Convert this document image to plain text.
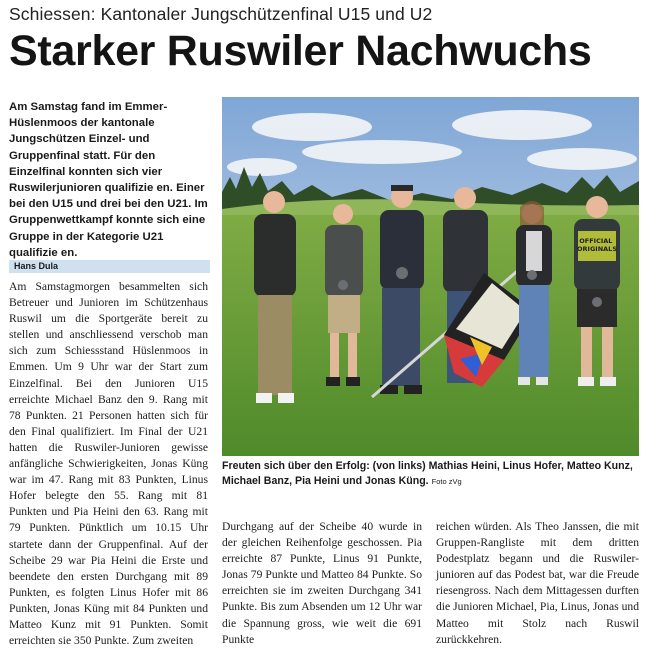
Schiessen: Kantonaler Jungschützenfinal U15 und U2
Starker Ruswiler Nachwuchs

Am Samstag fand im Emmer-Hüslenmoos der kantonale Jungschützen Einzel- und Gruppenfinal statt. Für den Einzelfinal konnten sich vier Ruswilerjunioren qualifizie en. Einer bei den U15 und drei bei den U21. Im Gruppenwettkampf konnte sich eine Gruppe in der Kategorie U21 qualifizie en.

Hans Dula

Am Samstagmorgen besammelten sich Betreuer und Junioren im Schützenhaus Ruswil um die Sportgeräte bereit zu stellen und anschliessend verschob man sich zum Schiessstand Hüslenmoos in Emmen. Um 9 Uhr war der Start zum Einzelfinal. Bei den Junioren U15 erreichte Michael Banz den 9. Rang mit 78 Punkten. 21 Personen hatten sich für den Final qualifiziert. Im Final der U21 hatten die Ruswiler-Junioren gewisse anfängliche Schwierigkeiten, Jonas Küng war im 47. Rang mit 83 Punkten, Linus Hofer belegte den 55. Rang mit 81 Punkten und Pia Heini den 63. Rang mit 79 Punkten. Pünktlich um 10.15 Uhr startete dann der Gruppenfinal. Auf der Scheibe 29 war Pia Heini die Erste und beendete den ersten Durchgang mit 89 Punkten, es folgten Linus Hofer mit 86 Punkten, Jonas Küng mit 84 Punkten und Matteo Kunz mit 91 Punkten. Somit erreichten sie 350 Punkte. Zum zweiten

OFFICIAL ORIGINALS

Freuten sich über den Erfolg: (von links) Mathias Heini, Linus Hofer, Matteo Kunz, Michael Banz, Pia Heini und Jonas Küng. Foto zVg

Durchgang auf der Scheibe 40 wurde in der gleichen Reihenfolge geschossen. Pia erreichte 87 Punkte, Linus 91 Punkte, Jonas 79 Punkte und Matteo 84 Punkte. So erreichten sie im zweiten Durchgang 341 Punkte. Bis zum Absenden um 12 Uhr war die Spannung gross, wie weit die 691 Punkte

reichen würden. Als Theo Janssen, die mit Gruppen-Rangliste mit dem dritten Podestplatz begann und die Ruswiler-junioren auf das Podest bat, war die Freude riesengross. Nach dem Mittagessen durften die Junioren Michael, Pia, Linus, Jonas und Matteo mit Stolz nach Ruswil zurückkehren.
